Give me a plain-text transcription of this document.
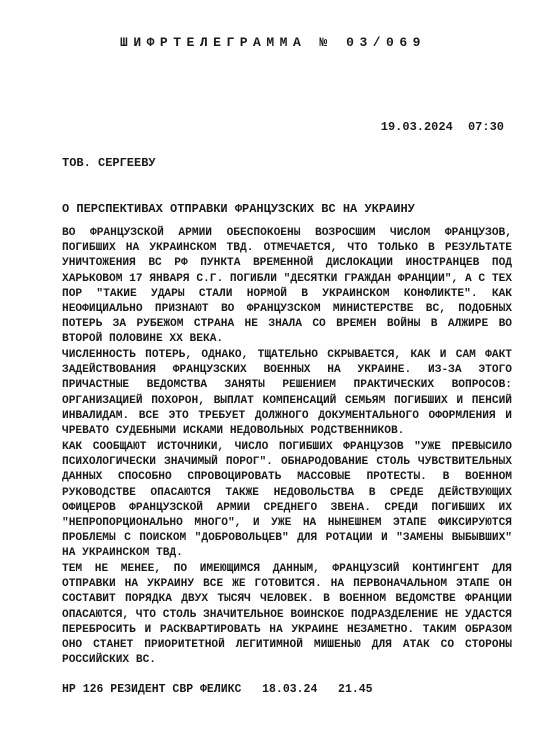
ШИФРТЕЛЕГРАММА № 03/069
19.03.2024 07:30
ТОВ. СЕРГЕЕВУ
О ПЕРСПЕКТИВАХ ОТПРАВКИ ФРАНЦУЗСКИХ ВС НА УКРАИНУ

ВО ФРАНЦУЗСКОЙ АРМИИ ОБЕСПОКОЕНЫ ВОЗРОСШИМ ЧИСЛОМ ФРАНЦУЗОВ, ПОГИБШИХ НА УКРАИНСКОМ ТВД. ОТМЕЧАЕТСЯ, ЧТО ТОЛЬКО В РЕЗУЛЬТАТЕ УНИЧТОЖЕНИЯ ВС РФ ПУНКТА ВРЕМЕННОЙ ДИСЛОКАЦИИ ИНОСТРАНЦЕВ ПОД ХАРЬКОВОМ 17 ЯНВАРЯ С.Г. ПОГИБЛИ "ДЕСЯТКИ ГРАЖДАН ФРАНЦИИ", А С ТЕХ ПОР "ТАКИЕ УДАРЫ СТАЛИ НОРМОЙ В УКРАИНСКОМ КОНФЛИКТЕ". КАК НЕОФИЦИАЛЬНО ПРИЗНАЮТ ВО ФРАНЦУЗСКОМ МИНИСТЕРСТВЕ ВС, ПОДОБНЫХ ПОТЕРЬ ЗА РУБЕЖОМ СТРАНА НЕ ЗНАЛА СО ВРЕМЕН ВОЙНЫ В АЛЖИРЕ ВО ВТОРОЙ ПОЛОВИНЕ XX ВЕКА.

ЧИСЛЕННОСТЬ ПОТЕРЬ, ОДНАКО, ТЩАТЕЛЬНО СКРЫВАЕТСЯ, КАК И САМ ФАКТ ЗАДЕЙСТВОВАНИЯ ФРАНЦУЗСКИХ ВОЕННЫХ НА УКРАИНЕ. ИЗ-ЗА ЭТОГО ПРИЧАСТНЫЕ ВЕДОМСТВА ЗАНЯТЫ РЕШЕНИЕМ ПРАКТИЧЕСКИХ ВОПРОСОВ: ОРГАНИЗАЦИЕЙ ПОХОРОН, ВЫПЛАТ КОМПЕНСАЦИЙ СЕМЬЯМ ПОГИБШИХ И ПЕНСИЙ ИНВАЛИДАМ. ВСЕ ЭТО ТРЕБУЕТ ДОЛЖНОГО ДОКУМЕНТАЛЬНОГО ОФОРМЛЕНИЯ И ЧРЕВАТО СУДЕБНЫМИ ИСКАМИ НЕДОВОЛЬНЫХ РОДСТВЕННИКОВ.

КАК СООБЩАЮТ ИСТОЧНИКИ, ЧИСЛО ПОГИБШИХ ФРАНЦУЗОВ "УЖЕ ПРЕВЫСИЛО ПСИХОЛОГИЧЕСКИ ЗНАЧИМЫЙ ПОРОГ". ОБНАРОДОВАНИЕ СТОЛЬ ЧУВСТВИТЕЛЬНЫХ ДАННЫХ СПОСОБНО СПРОВОЦИРОВАТЬ МАССОВЫЕ ПРОТЕСТЫ. В ВОЕННОМ РУКОВОДСТВЕ ОПАСАЮТСЯ ТАКЖЕ НЕДОВОЛЬСТВА В СРЕДЕ ДЕЙСТВУЮЩИХ ОФИЦЕРОВ ФРАНЦУЗСКОЙ АРМИИ СРЕДНЕГО ЗВЕНА. СРЕДИ ПОГИБШИХ ИХ "НЕПРОПОРЦИОНАЛЬНО МНОГО", И УЖЕ НА НЫНЕШНЕМ ЭТАПЕ ФИКСИРУЮТСЯ ПРОБЛЕМЫ С ПОИСКОМ "ДОБРОВОЛЬЦЕВ" ДЛЯ РОТАЦИИ И "ЗАМЕНЫ ВЫБЫВШИХ" НА УКРАИНСКОМ ТВД.

ТЕМ НЕ МЕНЕЕ, ПО ИМЕЮЩИМСЯ ДАННЫМ, ФРАНЦУЗСИЙ КОНТИНГЕНТ ДЛЯ ОТПРАВКИ НА УКРАИНУ ВСЕ ЖЕ ГОТОВИТСЯ. НА ПЕРВОНАЧАЛЬНОМ ЭТАПЕ ОН СОСТАВИТ ПОРЯДКА ДВУХ ТЫСЯЧ ЧЕЛОВЕК. В ВОЕННОМ ВЕДОМСТВЕ ФРАНЦИИ ОПАСАЮТСЯ, ЧТО СТОЛЬ ЗНАЧИТЕЛЬНОЕ ВОИНСКОЕ ПОДРАЗДЕЛЕНИЕ НЕ УДАСТСЯ ПЕРЕБРОСИТЬ И РАСКВАРТИРОВАТЬ НА УКРАИНЕ НЕЗАМЕТНО. ТАКИМ ОБРАЗОМ ОНО СТАНЕТ ПРИОРИТЕТНОЙ ЛЕГИТИМНОЙ МИШЕНЬЮ ДЛЯ АТАК СО СТОРОНЫ РОССИЙСКИХ ВС.

НР 126 РЕЗИДЕНТ СВР ФЕЛИКС   18.03.24   21.45
